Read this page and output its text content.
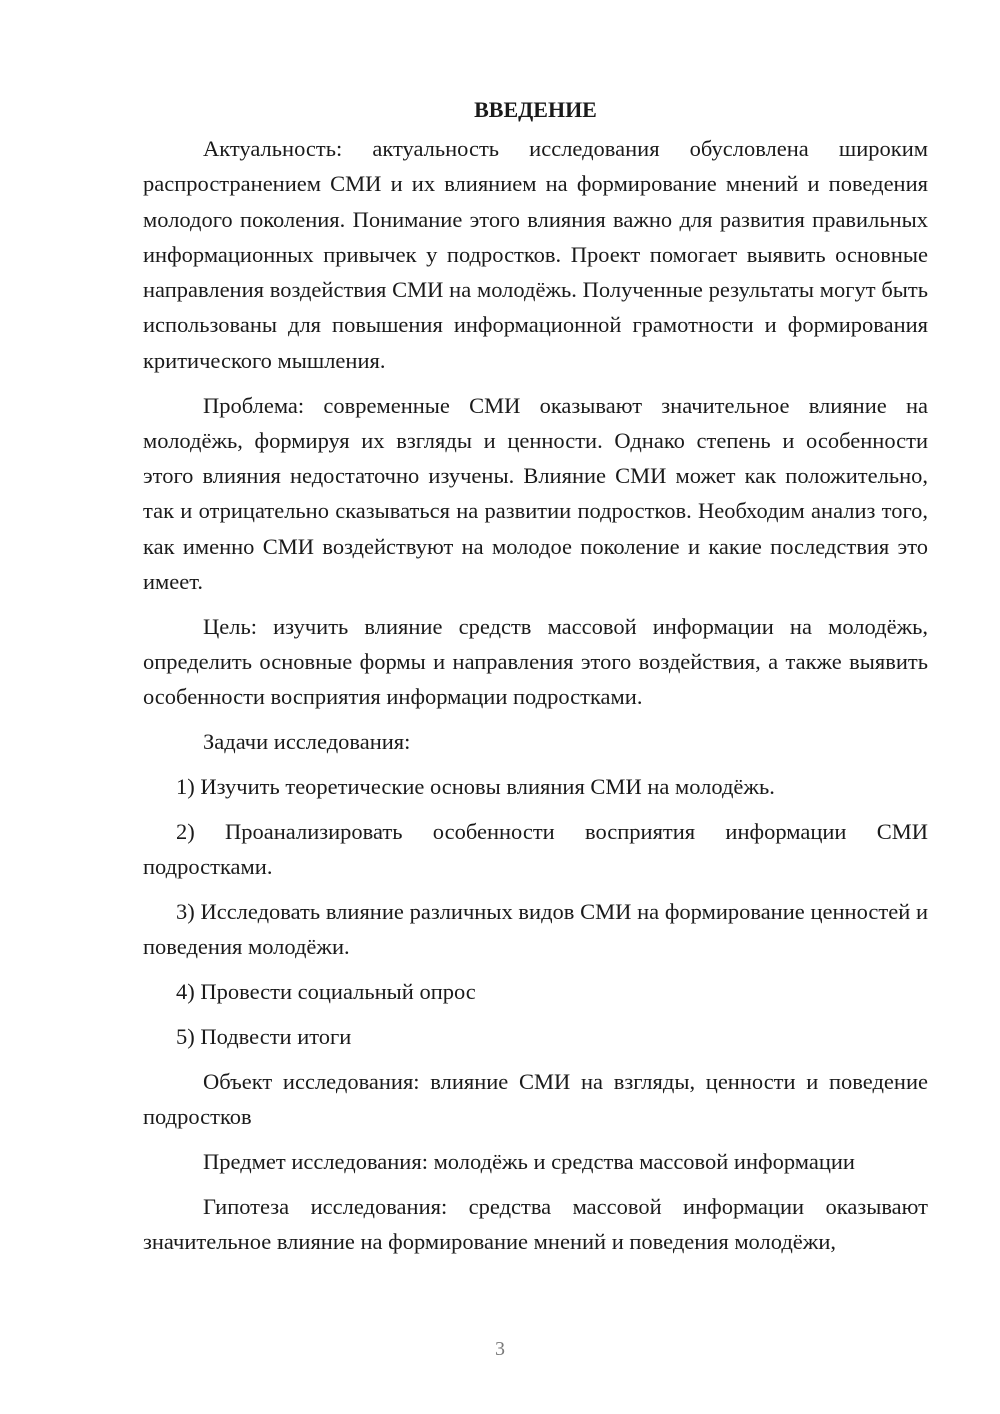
ВВЕДЕНИЕ

Актуальность: актуальность исследования обусловлена широким распространением СМИ и их влиянием на формирование мнений и поведения молодого поколения. Понимание этого влияния важно для развития правильных информационных привычек у подростков. Проект помогает выявить основные направления воздействия СМИ на молодёжь. Полученные результаты могут быть использованы для повышения информационной грамотности и формирования критического мышления.

Проблема: современные СМИ оказывают значительное влияние на молодёжь, формируя их взгляды и ценности. Однако степень и особенности этого влияния недостаточно изучены. Влияние СМИ может как положительно, так и отрицательно сказываться на развитии подростков. Необходим анализ того, как именно СМИ воздействуют на молодое поколение и какие последствия это имеет.

Цель: изучить влияние средств массовой информации на молодёжь, определить основные формы и направления этого воздействия, а также выявить особенности восприятия информации подростками.

Задачи исследования:

1) Изучить теоретические основы влияния СМИ на молодёжь.

2) Проанализировать особенности восприятия информации СМИ подростками.

3) Исследовать влияние различных видов СМИ на формирование ценностей и поведения молодёжи.

4) Провести социальный опрос

5) Подвести итоги

Объект исследования: влияние СМИ на взгляды, ценности и поведение подростков

Предмет исследования: молодёжь и средства массовой информации

Гипотеза исследования: средства массовой информации оказывают значительное влияние на формирование мнений и поведения молодёжи,

3
